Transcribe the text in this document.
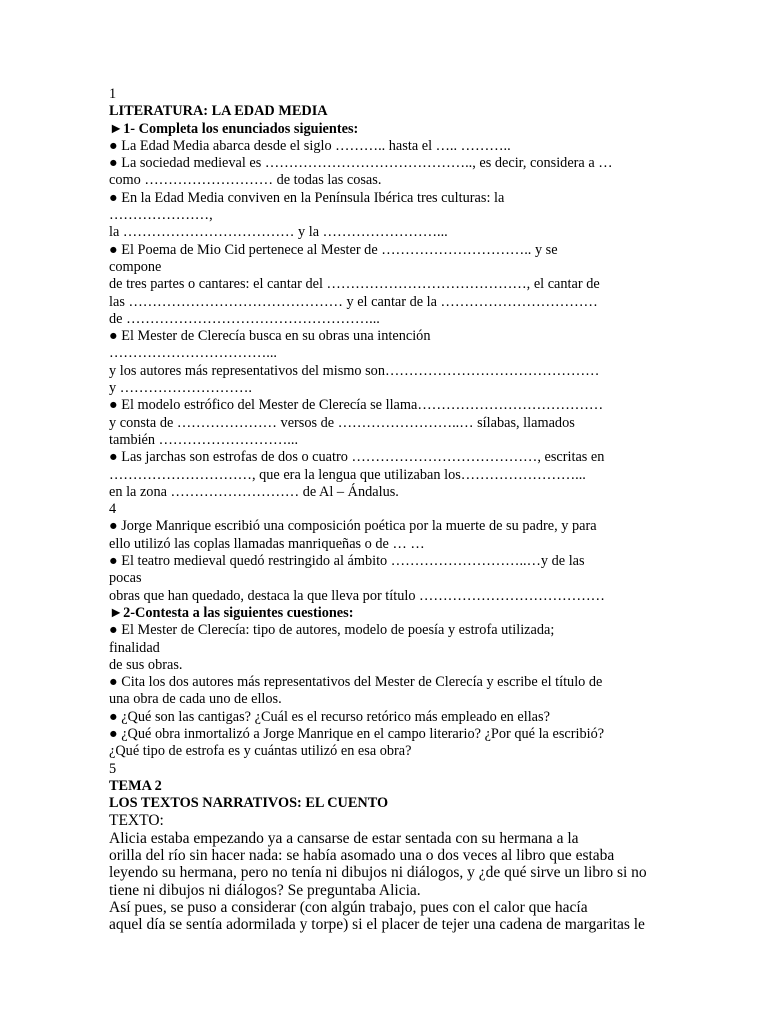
1
LITERATURA: LA EDAD MEDIA
►1- Completa los enunciados siguientes:
● La Edad Media abarca desde el siglo ……….. hasta el ….. ………..
● La sociedad medieval es …………………………………….., es decir, considera a …
como ……………………… de todas las cosas.
● En la Edad Media conviven en la Península Ibérica tres culturas: la
…………………,
la ……………………………… y la ……………………...
● El Poema de Mio Cid pertenece al Mester de ………………………….. y se
compone
de tres partes o cantares: el cantar del ……………………………………, el cantar de
las ……………………………………… y el cantar de la ……………………………
de ……………………………………………...
● El Mester de Clerecía busca en su obras una intención
……………………………...
y los autores más representativos del mismo son………………………………………
y ……………………….
● El modelo estrófico del Mester de Clerecía se llama…………………………………
y consta de ………………… versos de ……………………..… sílabas, llamados
también ………………………...
● Las jarchas son estrofas de dos o cuatro …………………………………, escritas en
…………………………, que era la lengua que utilizaban los……………………...
en la zona ……………………… de Al – Ándalus.
4
● Jorge Manrique escribió una composición poética por la muerte de su padre, y para
ello utilizó las coplas llamadas manriqueñas o de … …
● El teatro medieval quedó restringido al ámbito ………………………..…y de las
pocas
obras que han quedado, destaca la que lleva por título …………………………………
►2-Contesta a las siguientes cuestiones:
● El Mester de Clerecía: tipo de autores, modelo de poesía y estrofa utilizada;
finalidad
de sus obras.
● Cita los dos autores más representativos del Mester de Clerecía y escribe el título de
una obra de cada uno de ellos.
● ¿Qué son las cantigas? ¿Cuál es el recurso retórico más empleado en ellas?
● ¿Qué obra inmortalizó a Jorge Manrique en el campo literario? ¿Por qué la escribió?
¿Qué tipo de estrofa es y cuántas utilizó en esa obra?
5
TEMA 2
LOS TEXTOS NARRATIVOS: EL CUENTO
TEXTO:
Alicia estaba empezando ya a cansarse de estar sentada con su hermana a la
orilla del río sin hacer nada: se había asomado una o dos veces al libro que estaba
leyendo su hermana, pero no tenía ni dibujos ni diálogos, y ¿de qué sirve un libro si no
tiene ni dibujos ni diálogos? Se preguntaba Alicia.
Así pues, se puso a considerar (con algún trabajo, pues con el calor que hacía
aquel día se sentía adormilada y torpe) si el placer de tejer una cadena de margaritas le
